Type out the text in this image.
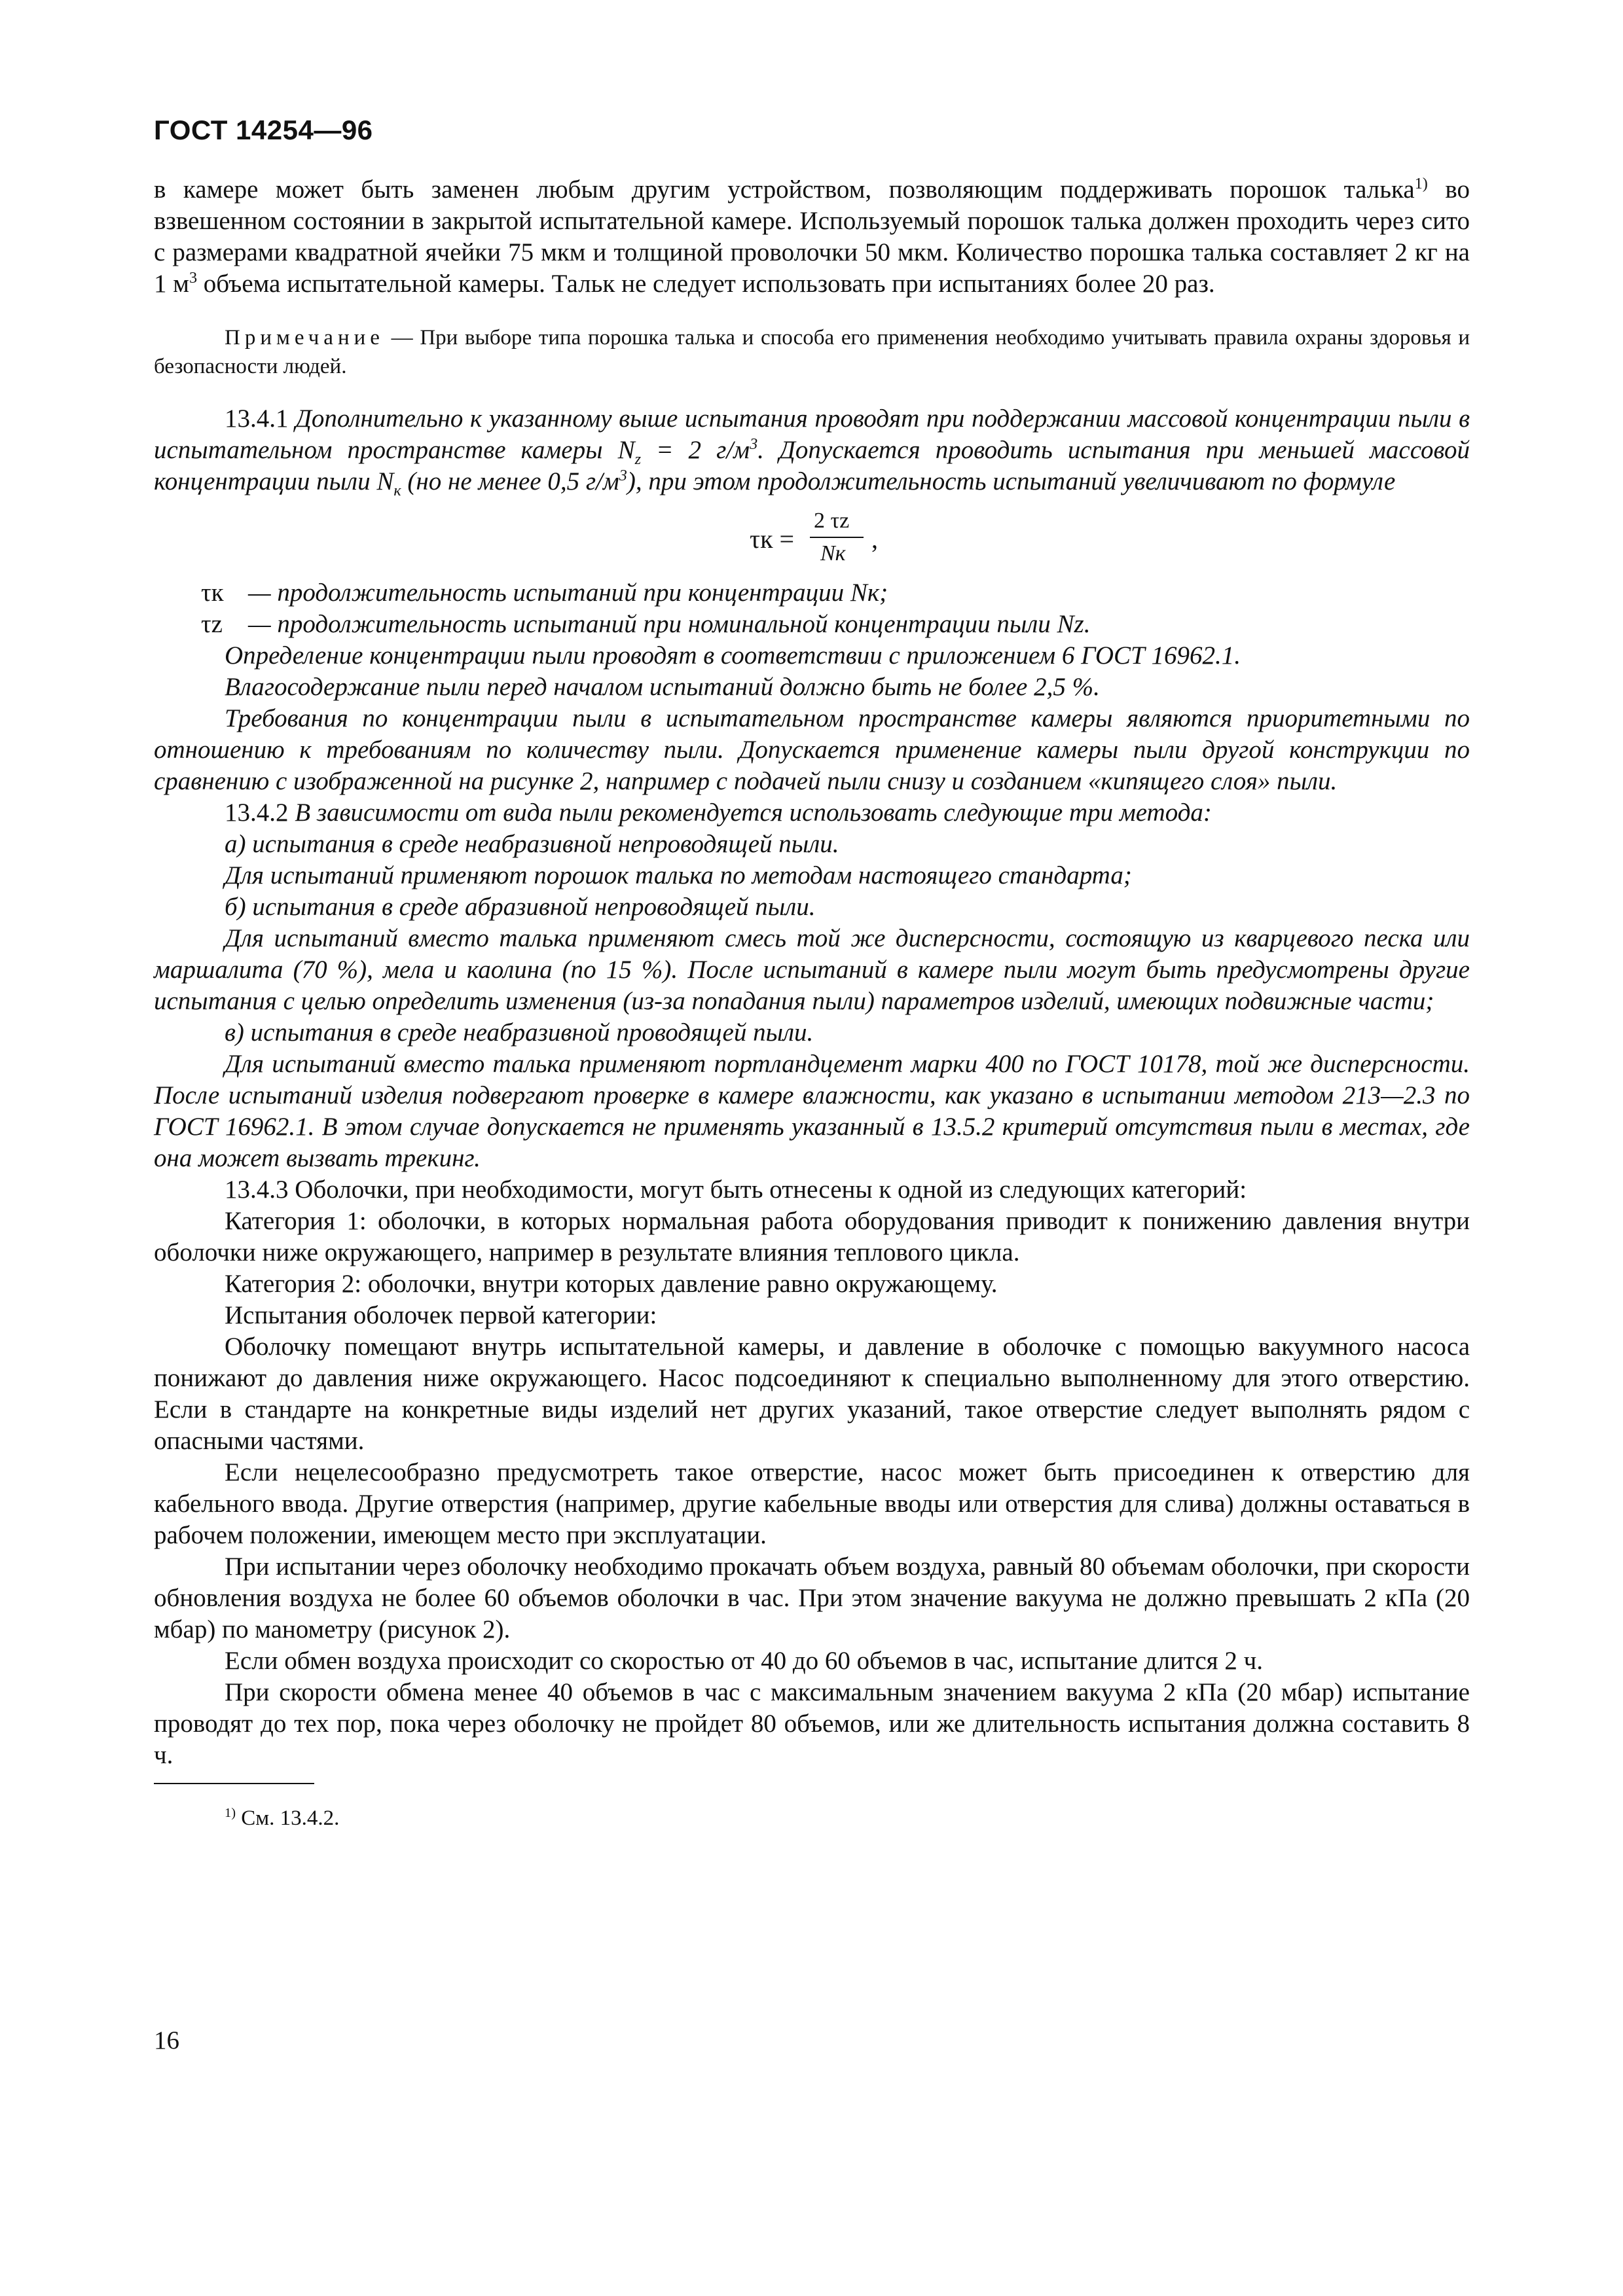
ГОСТ 14254—96

в камере может быть заменен любым другим устройством, позволяющим поддерживать порошок талька$^{1)}$ во взвешенном состоянии в закрытой испытательной камере. Используемый порошок талька должен проходить через сито с размерами квадратной ячейки 75 мкм и толщиной проволочки 50 мкм. Количество порошка талька составляет 2 кг на 1 $м^3$ объема испытательной камеры. Тальк не следует использовать при испытаниях более 20 раз.

Примечание — При выборе типа порошка талька и способа его применения необходимо учитывать правила охраны здоровья и безопасности людей.

13.4.1 Дополнительно к указанному выше испытания проводят при поддержании массовой концентрации пыли в испытательном пространстве камеры $N_z = 2$ $г/м^3$. Допускается проводить испытания при меньшей массовой концентрации пыли $N_к$ (но не менее 0,5 $г/м^3$), при этом продолжительность испытаний увеличивают по формуле

τк =
2 τz
Nк ,
τк — продолжительность испытаний при концентрации Nк;
τz	— продолжительность испытаний при номинальной концентрации пыли Nz.

Определение концентрации пыли проводят в соответствии с приложением 6 ГОСТ 16962.1.

Влагосодержание пыли перед началом испытаний должно быть не более 2,5 %.

Требования по концентрации пыли в испытательном пространстве камеры являются приоритетными по отношению к требованиям по количеству пыли. Допускается применение камеры пыли другой конструкции по сравнению с изображенной на рисунке 2, например с подачей пыли снизу и созданием «кипящего слоя» пыли.

13.4.2 В зависимости от вида пыли рекомендуется использовать следующие три метода:

а) испытания в среде неабразивной непроводящей пыли.

Для испытаний применяют порошок талька по методам настоящего стандарта;

б) испытания в среде абразивной непроводящей пыли.

Для испытаний вместо талька применяют смесь той же дисперсности, состоящую из кварцевого песка или маршалита (70 %), мела и каолина (по 15 %). После испытаний в камере пыли могут быть предусмотрены другие испытания с целью определить изменения (из-за попадания пыли) параметров изделий, имеющих подвижные части;

в) испытания в среде неабразивной проводящей пыли.

Для испытаний вместо талька применяют портландцемент марки 400 по ГОСТ 10178, той же дисперсности. После испытаний изделия подвергают проверке в камере влажности, как указано в испытании методом 213—2.3 по ГОСТ 16962.1. В этом случае допускается не применять указанный в 13.5.2 критерий отсутствия пыли в местах, где она может вызвать трекинг.

13.4.3 Оболочки, при необходимости, могут быть отнесены к одной из следующих категорий:

Категория 1: оболочки, в которых нормальная работа оборудования приводит к понижению давления внутри оболочки ниже окружающего, например в результате влияния теплового цикла.

Категория 2: оболочки, внутри которых давление равно окружающему.

Испытания оболочек первой категории:

Оболочку помещают внутрь испытательной камеры, и давление в оболочке с помощью вакуумного насоса понижают до давления ниже окружающего. Насос подсоединяют к специально выполненному для этого отверстию. Если в стандарте на конкретные виды изделий нет других указаний, такое отверстие следует выполнять рядом с опасными частями.

Если нецелесообразно предусмотреть такое отверстие, насос может быть присоединен к отверстию для кабельного ввода. Другие отверстия (например, другие кабельные вводы или отверстия для слива) должны оставаться в рабочем положении, имеющем место при эксплуатации.

При испытании через оболочку необходимо прокачать объем воздуха, равный 80 объемам оболочки, при скорости обновления воздуха не более 60 объемов оболочки в час. При этом значение вакуума не должно превышать 2 кПа (20 мбар) по манометру (рисунок 2).

Если обмен воздуха происходит со скоростью от 40 до 60 объемов в час, испытание длится 2 ч.

При скорости обмена менее 40 объемов в час с максимальным значением вакуума 2 кПа (20 мбар) испытание проводят до тех пор, пока через оболочку не пройдет 80 объемов, или же длительность испытания должна составить 8 ч.

$^{1)}$ См. 13.4.2.

16
